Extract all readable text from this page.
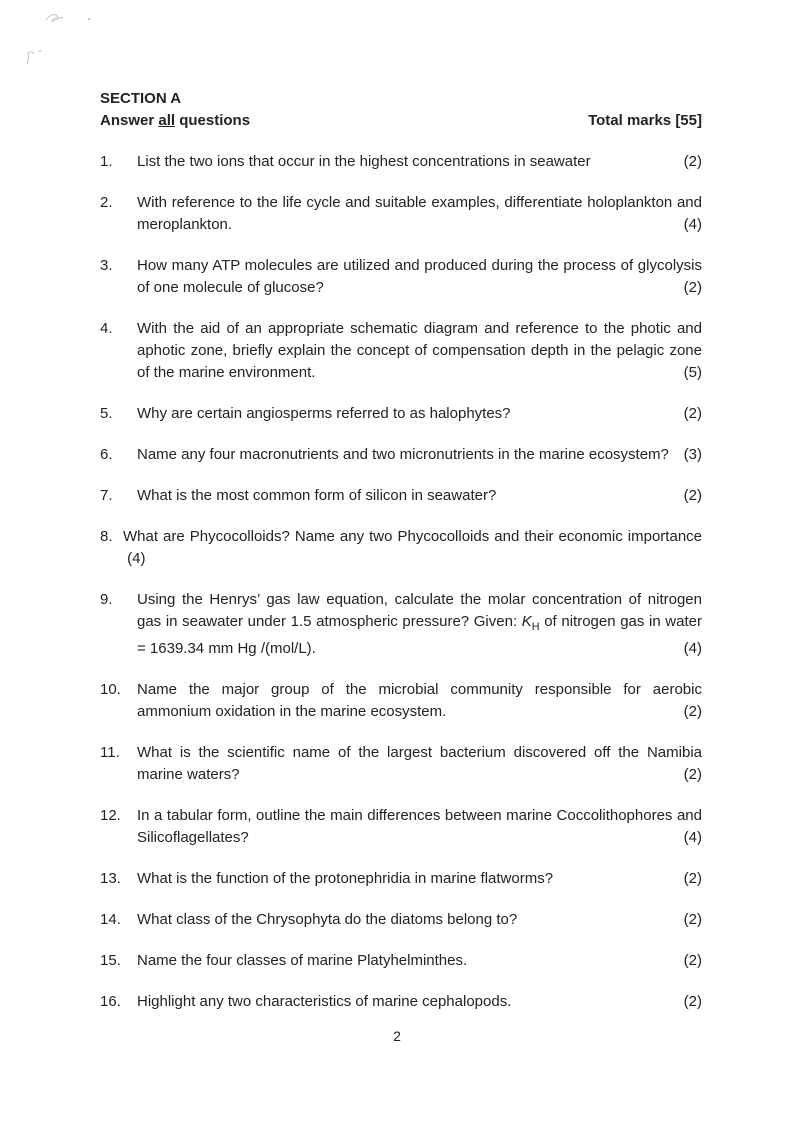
SECTION A
Answer all questions	Total marks [55]
1.	List the two ions that occur in the highest concentrations in seawater	(2)
2.	With reference to the life cycle and suitable examples, differentiate holoplankton and meroplankton.	(4)
3.	How many ATP molecules are utilized and produced during the process of glycolysis of one molecule of glucose?	(2)
4.	With the aid of an appropriate schematic diagram and reference to the photic and aphotic zone, briefly explain the concept of compensation depth in the pelagic zone of the marine environment.	(5)
5.	Why are certain angiosperms referred to as halophytes?	(2)
6.	Name any four macronutrients and two micronutrients in the marine ecosystem? (3)
7.	What is the most common form of silicon in seawater?	(2)
8. What are Phycocolloids? Name any two Phycocolloids and their economic importance (4)
9.	Using the Henrys’ gas law equation, calculate the molar concentration of nitrogen gas in seawater under 1.5 atmospheric pressure? Given: $K_H$ of nitrogen gas in water = 1639.34 mm Hg /(mol/L).	(4)
10.	Name the major group of the microbial community responsible for aerobic ammonium oxidation in the marine ecosystem.	(2)
11.	What is the scientific name of the largest bacterium discovered off the Namibia marine waters?	(2)
12.	In a tabular form, outline the main differences between marine Coccolithophores and Silicoflagellates?	(4)
13.	What is the function of the protonephridia in marine flatworms?	(2)
14.	What class of the Chrysophyta do the diatoms belong to?	(2)
15.	Name the four classes of marine Platyhelminthes.	(2)
16.	Highlight any two characteristics of marine cephalopods.	(2)
2
